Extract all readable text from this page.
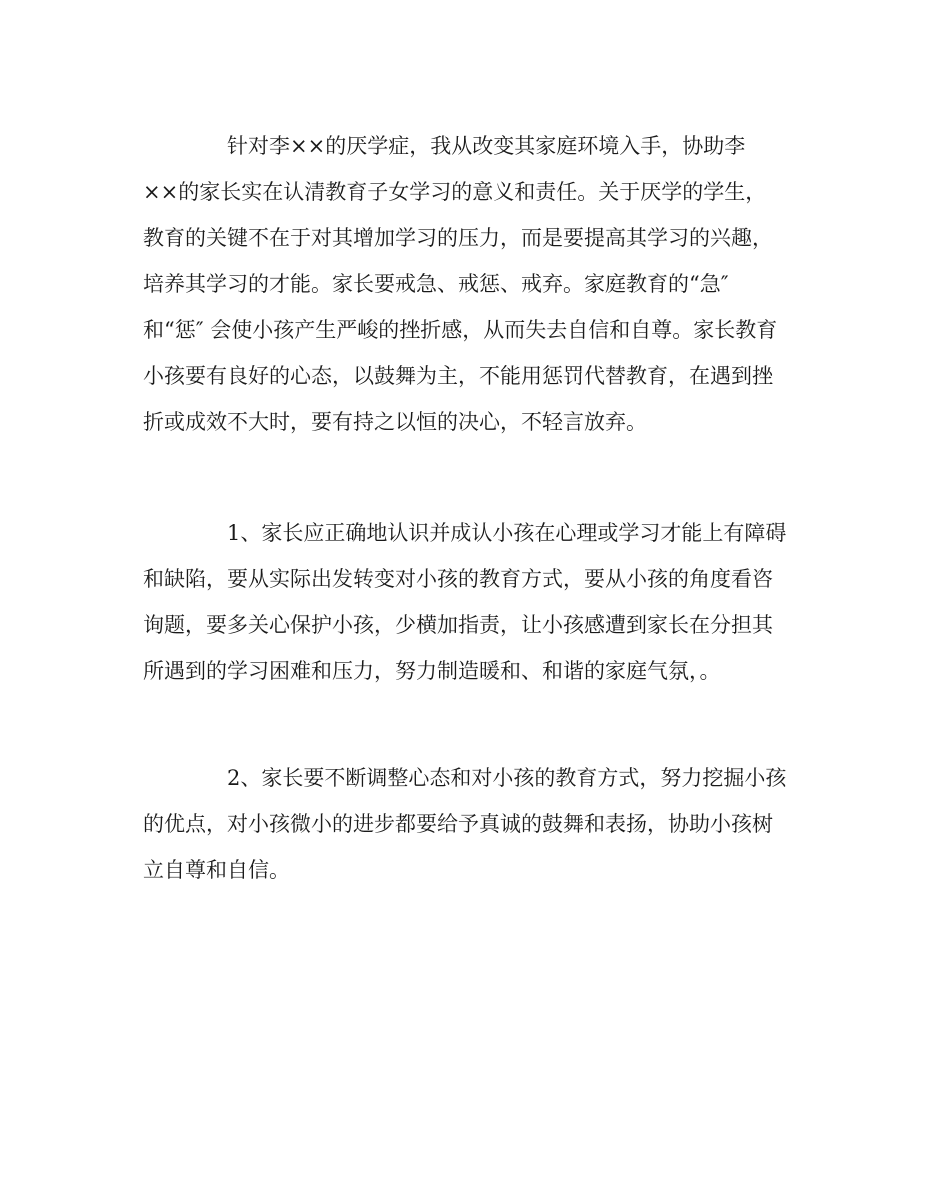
针对李××的厌学症，我从改变其家庭环境入手，协助李
××的家长实在认清教育子女学习的意义和责任。关于厌学的学生，
教育的关键不在于对其增加学习的压力，而是要提高其学习的兴趣，
培养其学习的才能。家长要戒急、戒惩、戒弃。家庭教育的“急″
和“惩″ 会使小孩产生严峻的挫折感，从而失去自信和自尊。家长教育
小孩要有良好的心态，以鼓舞为主，不能用惩罚代替教育，在遇到挫
折或成效不大时，要有持之以恒的决心，不轻言放弃。
1、家长应正确地认识并成认小孩在心理或学习才能上有障碍
和缺陷，要从实际出发转变对小孩的教育方式，要从小孩的角度看咨
询题，要多关心保护小孩，少横加指责，让小孩感遭到家长在分担其
所遇到的学习困难和压力，努力制造暖和、和谐的家庭气氛，。
2、家长要不断调整心态和对小孩的教育方式，努力挖掘小孩
的优点，对小孩微小的进步都要给予真诚的鼓舞和表扬，协助小孩树
立自尊和自信。
